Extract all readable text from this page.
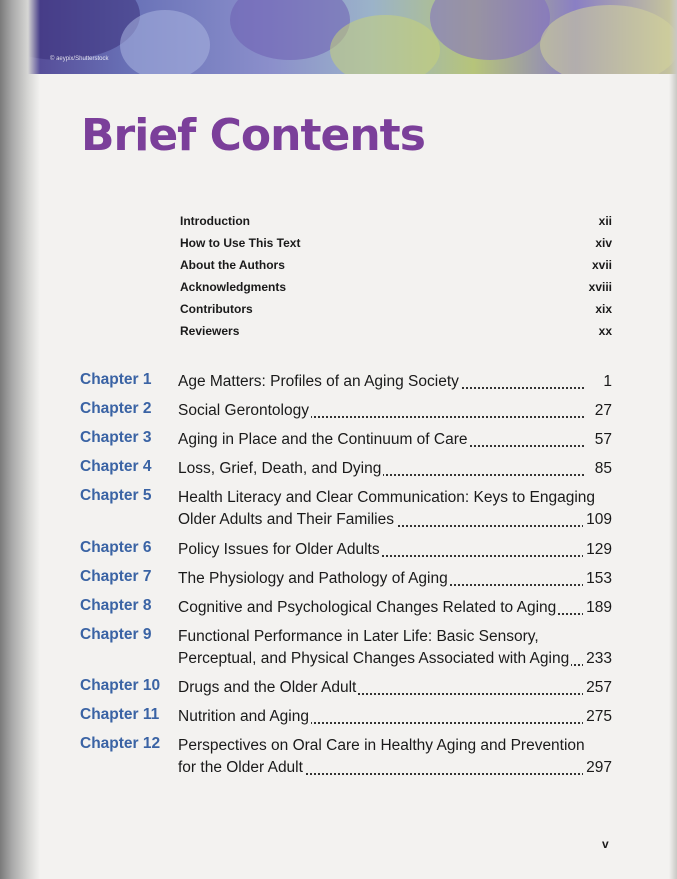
© aeypix/Shutterstock
Brief Contents
Introduction	xii
How to Use This Text	xiv
About the Authors	xvii
Acknowledgments	xviii
Contributors	xix
Reviewers	xx
Chapter 1 Age Matters: Profiles of an Aging Society	1
Chapter 2 Social Gerontology	27
Chapter 3 Aging in Place and the Continuum of Care	57
Chapter 4 Loss, Grief, Death, and Dying	85
Chapter 5 Health Literacy and Clear Communication: Keys to Engaging
Older Adults and Their Families	109
Chapter 6 Policy Issues for Older Adults	129
Chapter 7 The Physiology and Pathology of Aging	153
Chapter 8 Cognitive and Psychological Changes Related to Aging 189
Chapter 9 Functional Performance in Later Life: Basic Sensory,
Perceptual, and Physical Changes Associated with Aging 233
Chapter 10 Drugs and the Older Adult	257
Chapter 11 Nutrition and Aging	275
Chapter 12 Perspectives on Oral Care in Healthy Aging and Prevention
for the Older Adult	297
v
